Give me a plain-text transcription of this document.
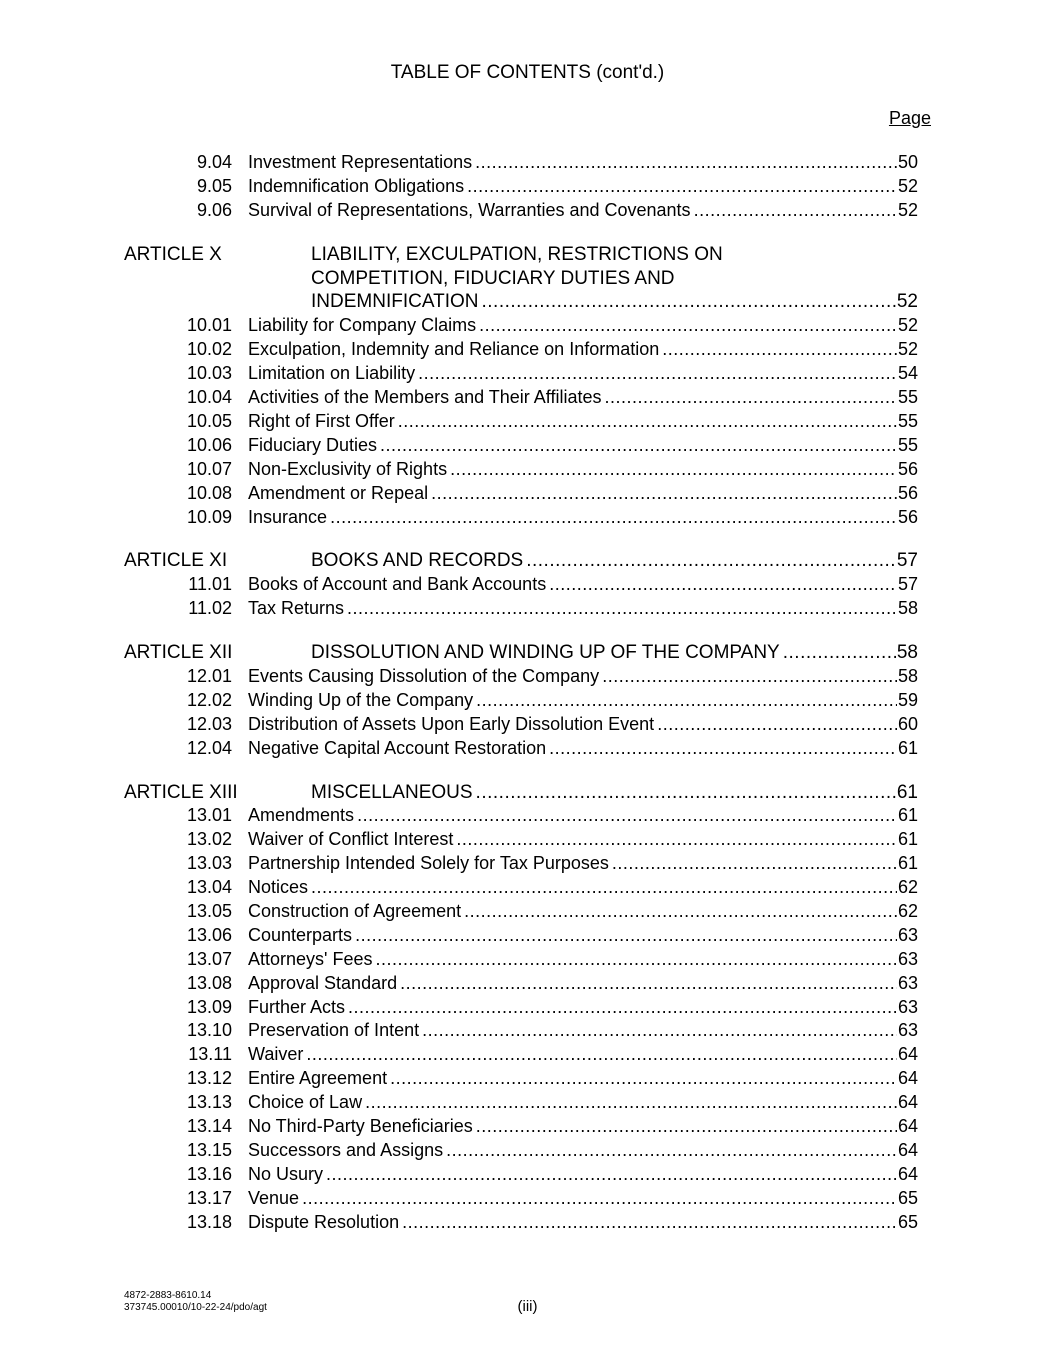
TABLE OF CONTENTS (cont'd.)
Page
9.04 Investment Representations .....	50
9.05 Indemnification Obligations .....	52
9.06 Survival of Representations, Warranties and Covenants .....	52
ARTICLE X	LIABILITY, EXCULPATION, RESTRICTIONS ON
COMPETITION, FIDUCIARY DUTIES AND
INDEMNIFICATION .....	52
10.01 Liability for Company Claims .....	52
10.02 Exculpation, Indemnity and Reliance on Information .....	52
10.03 Limitation on Liability .....	54
10.04 Activities of the Members and Their Affiliates .....	55
10.05 Right of First Offer .....	55
10.06 Fiduciary Duties .....	55
10.07 Non-Exclusivity of Rights .....	56
10.08 Amendment or Repeal .....	56
10.09 Insurance .....	56
ARTICLE XI	BOOKS AND RECORDS .....	57
11.01 Books of Account and Bank Accounts .....	57
11.02 Tax Returns .....	58
ARTICLE XII	DISSOLUTION AND WINDING UP OF THE COMPANY .....	58
12.01 Events Causing Dissolution of the Company .....	58
12.02 Winding Up of the Company .....	59
12.03 Distribution of Assets Upon Early Dissolution Event .....	60
12.04 Negative Capital Account Restoration .....	61
ARTICLE XIII	MISCELLANEOUS .....	61
13.01 Amendments .....	61
13.02 Waiver of Conflict Interest .....	61
13.03 Partnership Intended Solely for Tax Purposes .....	61
13.04 Notices .....	62
13.05 Construction of Agreement .....	62
13.06 Counterparts .....	63
13.07 Attorneys' Fees .....	63
13.08 Approval Standard .....	63
13.09 Further Acts .....	63
13.10 Preservation of Intent .....	63
13.11 Waiver .....	64
13.12 Entire Agreement .....	64
13.13 Choice of Law .....	64
13.14 No Third-Party Beneficiaries .....	64
13.15 Successors and Assigns .....	64
13.16 No Usury .....	64
13.17 Venue .....	65
13.18 Dispute Resolution .....	65
4872-2883-8610.14
373745.00010/10-22-24/pdo/agt	(iii)
